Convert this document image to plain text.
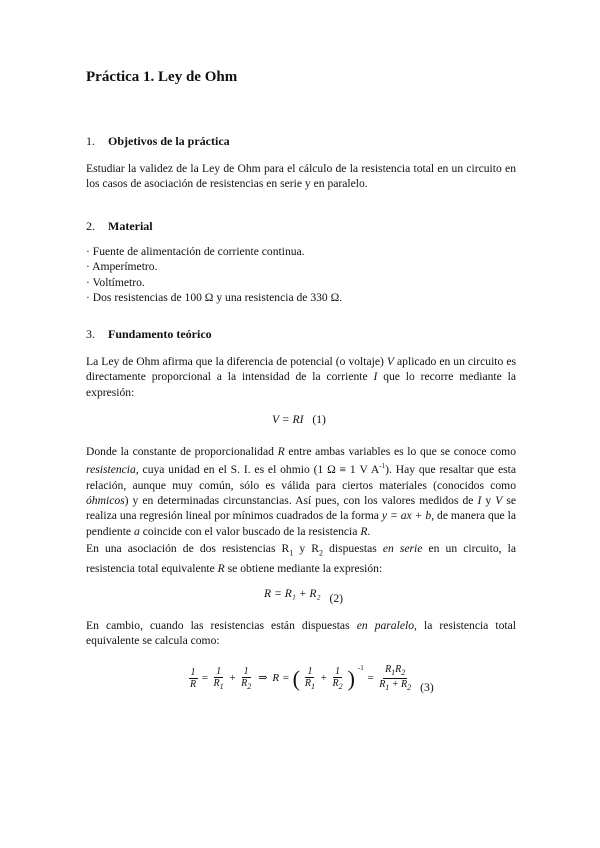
Práctica 1. Ley de Ohm
1. Objetivos de la práctica

Estudiar la validez de la Ley de Ohm para el cálculo de la resistencia total en un circuito en los casos de asociación de resistencias en serie y en paralelo.

2. Material
· Fuente de alimentación de corriente continua.
· Amperímetro.
· Voltímetro.
· Dos resistencias de 100 Ω y una resistencia de 330 Ω.
3. Fundamento teórico

La Ley de Ohm afirma que la diferencia de potencial (o voltaje) V aplicado en un circuito es directamente proporcional a la intensidad de la corriente I que lo recorre mediante la expresión:

V = RI (1)

Donde la constante de proporcionalidad R entre ambas variables es lo que se conoce como resistencia, cuya unidad en el S. I. es el ohmio (1 Ω ≡ 1 V $A^{-1}$). Hay que resaltar que esta relación, aunque muy común, sólo es válida para ciertos materiales (conocidos como óhmicos) y en determinadas circunstancias. Así pues, con los valores medidos de I y V se realiza una regresión lineal por mínimos cuadrados de la forma y = ax + b, de manera que la pendiente a coincide con el valor buscado de la resistencia R.

En una asociación de dos resistencias $R_1$ y $R_2$ dispuestas en serie en un circuito, la resistencia total equivalente R se obtiene mediante la expresión:

R = R₁ + R₂ (2)

En cambio, cuando las resistencias están dispuestas en paralelo, la resistencia total equivalente se calcula como:

$\frac{1}{R} = \frac{1}{R_1} + \frac{1}{R_2}$ ⇒ R = ( $\frac{1}{R_1} + \frac{1}{R_2}$ ) $^{-1}$
= $\frac{R_1R_2}{R_1 + R_2} (3)$
